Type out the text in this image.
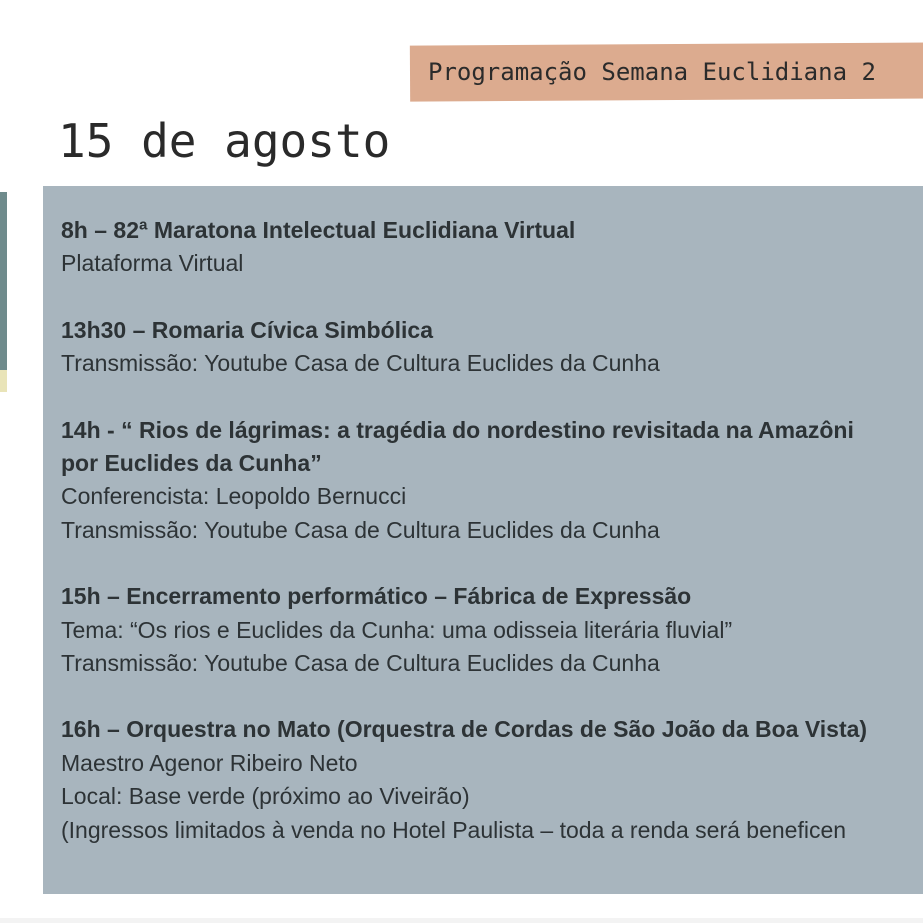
Programação Semana Euclidiana 2
15 de agosto
8h – 82ª Maratona Intelectual Euclidiana Virtual
Plataforma Virtual
13h30 – Romaria Cívica Simbólica
Transmissão: Youtube Casa de Cultura Euclides da Cunha
14h - “ Rios de lágrimas: a tragédia do nordestino revisitada na Amazôni
por Euclides da Cunha”
Conferencista: Leopoldo Bernucci
Transmissão: Youtube Casa de Cultura Euclides da Cunha
15h – Encerramento performático – Fábrica de Expressão
Tema: “Os rios e Euclides da Cunha: uma odisseia literária fluvial”
Transmissão: Youtube Casa de Cultura Euclides da Cunha
16h – Orquestra no Mato (Orquestra de Cordas de São João da Boa Vista)
Maestro Agenor Ribeiro Neto
Local: Base verde (próximo ao Viveirão)
(Ingressos limitados à venda no Hotel Paulista – toda a renda será beneficen
